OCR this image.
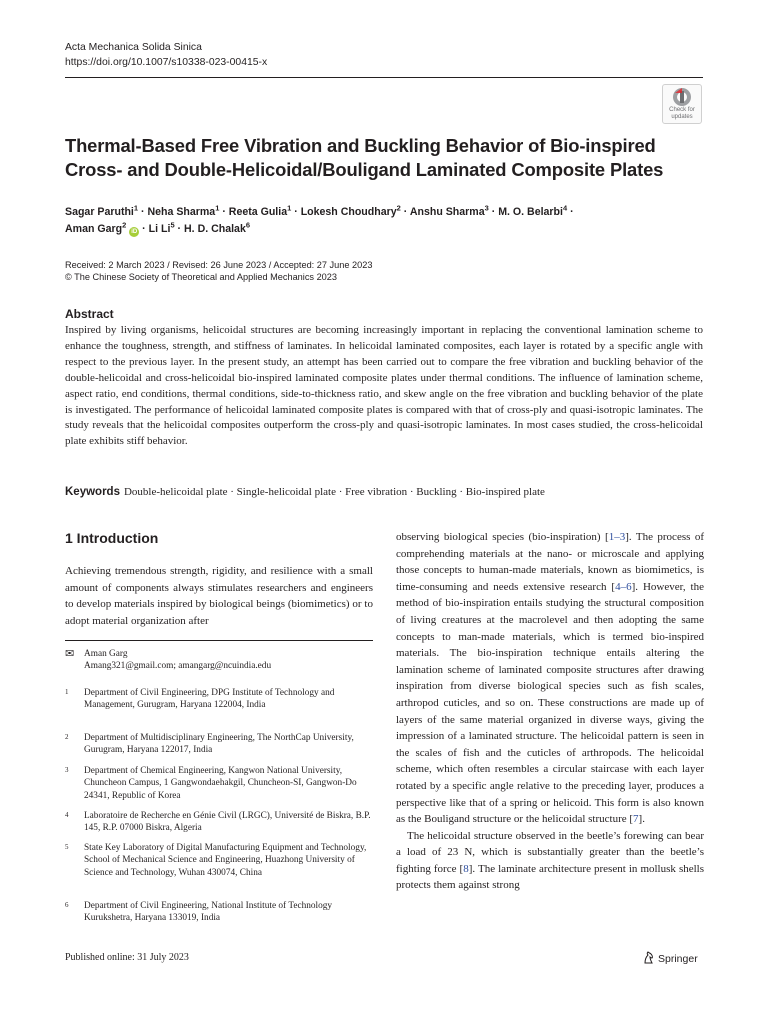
Acta Mechanica Solida Sinica
https://doi.org/10.1007/s10338-023-00415-x
Check for
updates
Thermal-Based Free Vibration and Buckling Behavior of Bio-inspired
Cross- and Double-Helicoidal/Bouligand Laminated Composite Plates
Sagar Paruthi$^1$ · Neha Sharma$^1$ · Reeta Gulia$^1$ · Lokesh Choudhary$^2$ · Anshu Sharma$^3$ · M. O. Belarbi$^4$ ·
Aman Garg$^2$ iD · Li $Li^5 \cdot H$. D. Chalak$^6$
Received: 2 March 2023 / Revised: 26 June 2023 / Accepted: 27 June 2023
© The Chinese Society of Theoretical and Applied Mechanics 2023
Abstract
Inspired by living organisms, helicoidal structures are becoming increasingly important in replacing the conventional lamination scheme to enhance the toughness, strength, and stiffness of laminates. In helicoidal laminated composites, each layer is rotated by a specific angle with respect to the previous layer. In the present study, an attempt has been carried out to compare the free vibration and buckling behavior of the double-helicoidal and cross-helicoidal bio-inspired laminated composite plates under thermal conditions. The influence of lamination scheme, aspect ratio, end conditions, thermal conditions, side-to-thickness ratio, and skew angle on the free vibration and buckling behavior of the plate is investigated. The performance of helicoidal laminated composite plates is compared with that of cross-ply and quasi-isotropic laminates. The study reveals that the helicoidal composites outperform the cross-ply and quasi-isotropic laminates. In most cases studied, the cross-helicoidal plate exhibits stiff behavior.
Keywords Double-helicoidal plate · Single-helicoidal plate · Free vibration · Buckling · Bio-inspired plate
1 Introduction
Achieving tremendous strength, rigidity, and resilience with a small amount of components always stimulates researchers and engineers to develop materials inspired by biological beings (biomimetics) or to adopt material organization after
✉ Aman Garg
Amang321@gmail.com; amangarg@ncuindia.edu
1 Department of Civil Engineering, DPG Institute of Technology and Management, Gurugram, Haryana 122004, India
2 Department of Multidisciplinary Engineering, The NorthCap University, Gurugram, Haryana 122017, India
3 Department of Chemical Engineering, Kangwon National University, Chuncheon Campus, 1 Gangwondaehakgil, Chuncheon-SI, Gangwon-Do 24341, Republic of Korea
4 Laboratoire de Recherche en Génie Civil (LRGC), Université de Biskra, B.P. 145, R.P. 07000 Biskra, Algeria
5 State Key Laboratory of Digital Manufacturing Equipment and Technology, School of Mechanical Science and Engineering, Huazhong University of Science and Technology, Wuhan 430074, China
6 Department of Civil Engineering, National Institute of Technology Kurukshetra, Haryana 133019, India

observing biological species (bio-inspiration) [1–3]. The process of comprehending materials at the nano- or microscale and applying those concepts to human-made materials, known as biomimetics, is time-consuming and needs extensive research [4–6]. However, the method of bio-inspiration entails studying the structural composition of living creatures at the macrolevel and then adopting the same concepts to man-made materials, which is termed bio-inspired materials. The bio-inspiration technique entails altering the lamination scheme of laminated composite structures after drawing inspiration from diverse biological species such as fish scales, arthropod cuticles, and so on. These constructions are made up of layers of the same material organized in diverse ways, giving the impression of a laminated structure. The helicoidal pattern is seen in the scales of fish and the cuticles of arthropods. The helicoidal scheme, which often resembles a circular staircase with each layer rotated by a specific angle relative to the preceding layer, produces a perspective like that of a spring or helicoid. This form is also known as the Bouligand structure or the helicoidal structure [7].

The helicoidal structure observed in the beetle’s forewing can bear a load of 23 N, which is substantially greater than the beetle’s fighting force [8]. The laminate architecture present in mollusk shells protects them against strong

Published online: 31 July 2023	Springer
